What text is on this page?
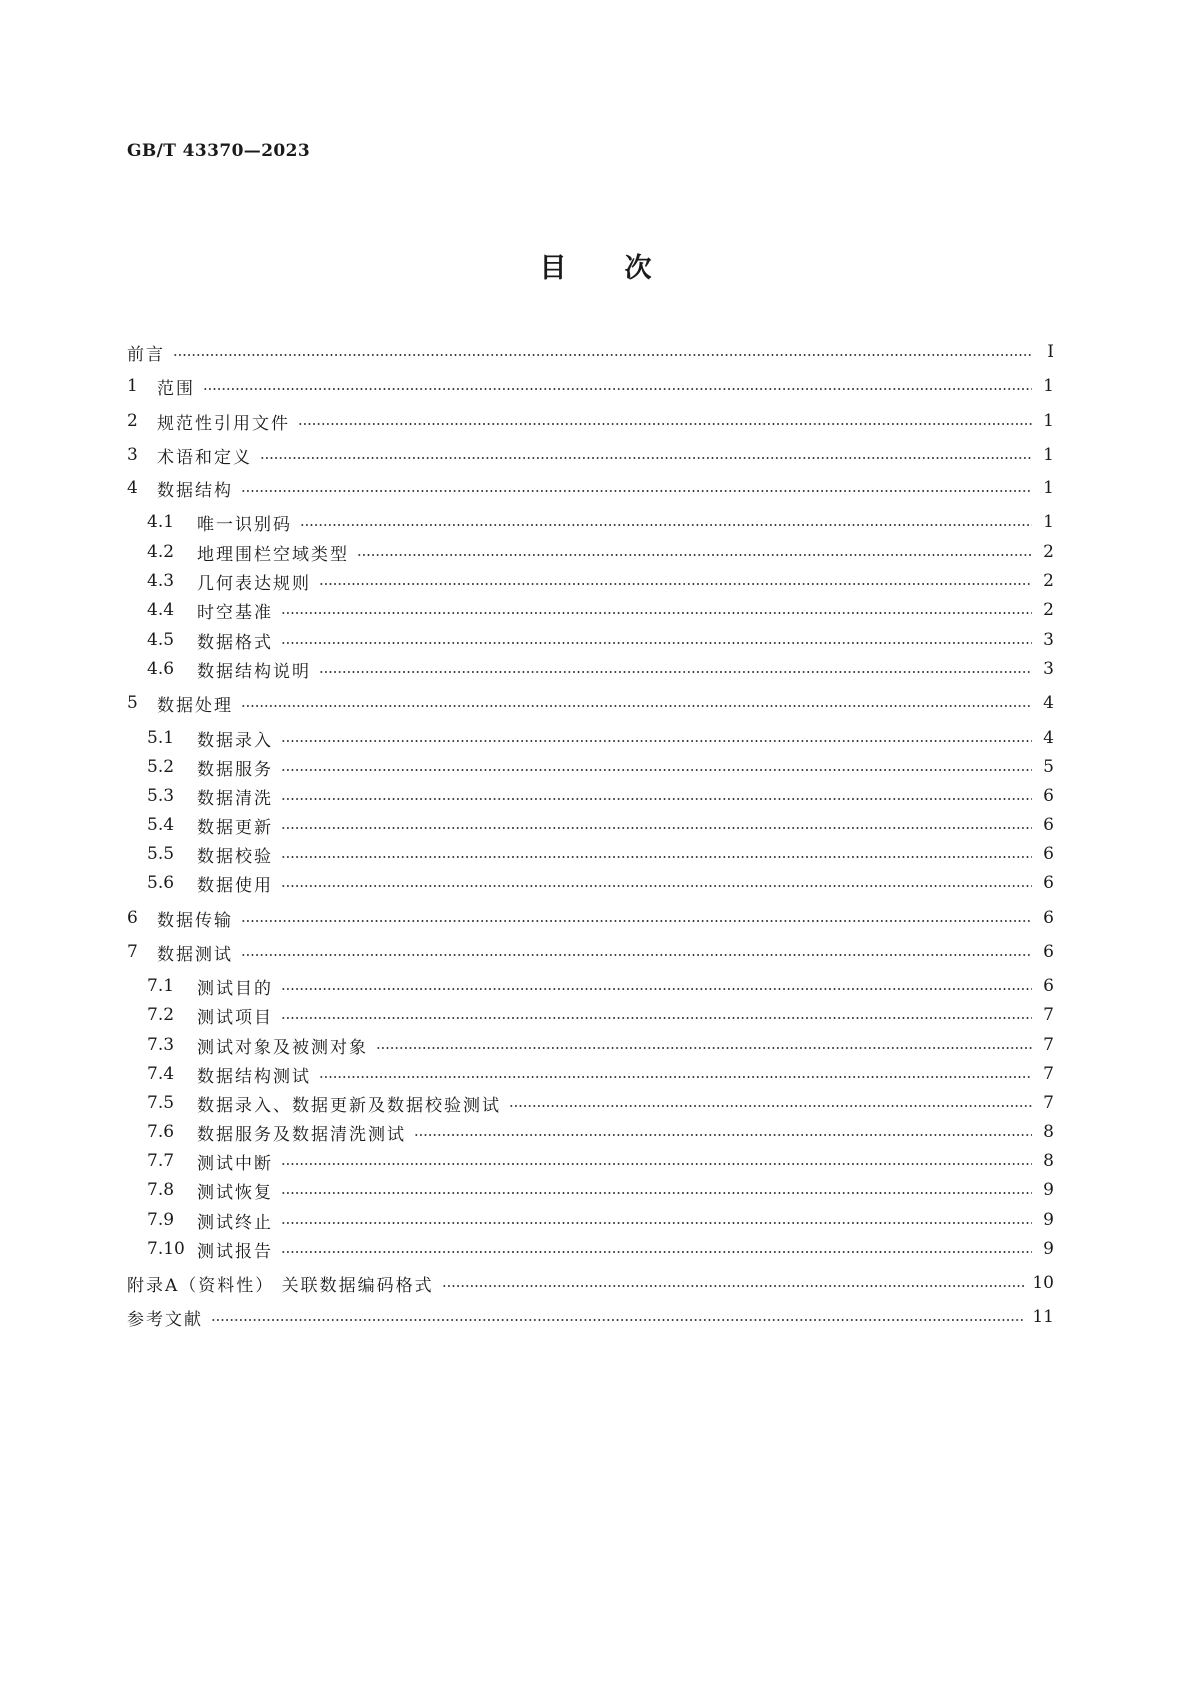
GB/T 43370—2023
目次
前言	Ⅰ
1	范围	1
2	规范性引用文件	1
3	术语和定义	1
4	数据结构	1
4.1	唯一识别码	1
4.2	地理围栏空域类型	2
4.3	几何表达规则	2
4.4	时空基准	2
4.5	数据格式	3
4.6	数据结构说明	3
5	数据处理	4
5.1	数据录入	4
5.2	数据服务	5
5.3	数据清洗	6
5.4	数据更新	6
5.5	数据校验	6
5.6	数据使用	6
6	数据传输	6
7	数据测试	6
7.1	测试目的	6
7.2	测试项目	7
7.3	测试对象及被测对象	7
7.4	数据结构测试	7
7.5	数据录入、数据更新及数据校验测试	7
7.6	数据服务及数据清洗测试	8
7.7	测试中断	8
7.8	测试恢复	9
7.9	测试终止	9
7.10 测试报告	9
附录A（资料性） 关联数据编码格式	10
参考文献	11
